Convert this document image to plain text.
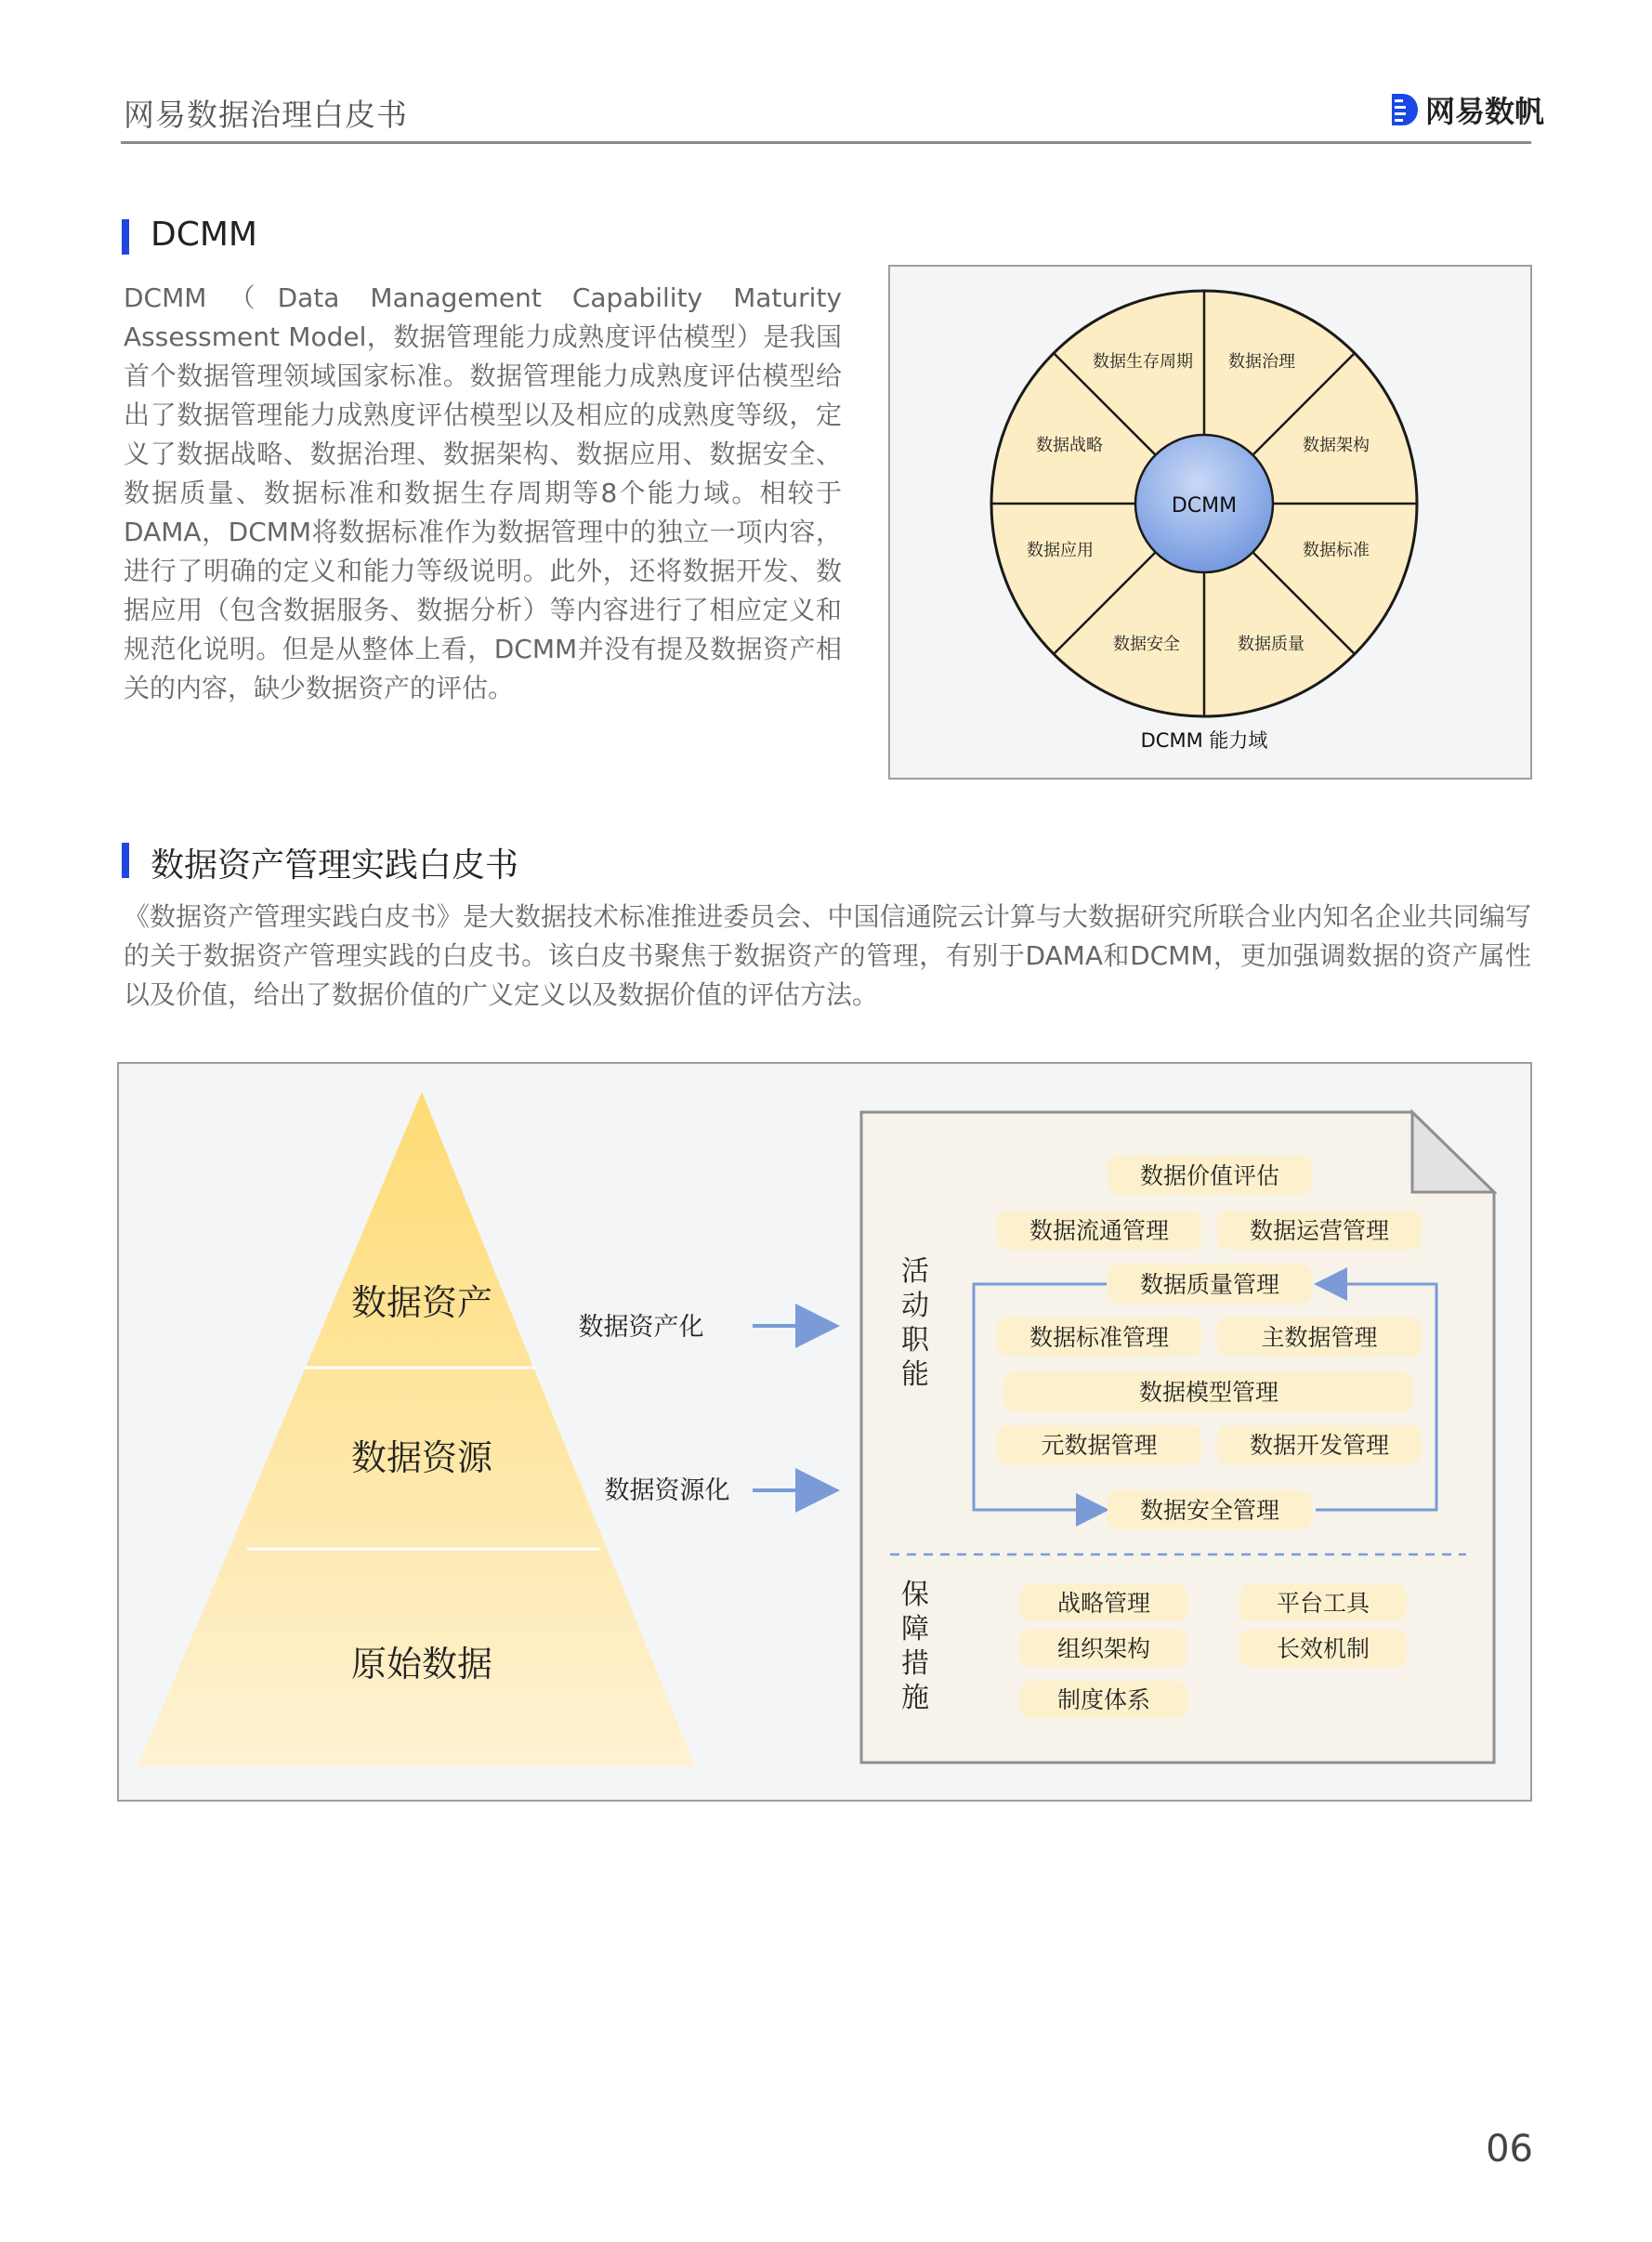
网易数据治理白皮书	网易数帆
DCMM
DCMM（Data Management Capability Maturity Assessment Model，数据管理能力成熟度评估模型）是我国首个数据管理领域国家标准。数据管理能力成熟度评估模型给出了数据管理能力成熟度评估模型以及相应的成熟度等级，定义了数据战略、数据治理、数据架构、数据应用、数据安全、数据质量、数据标准和数据生存周期等8个能力域。相较于DAMA，DCMM将数据标准作为数据管理中的独立一项内容，进行了明确的定义和能力等级说明。此外，还将数据开发、数据应用（包含数据服务、数据分析）等内容进行了相应定义和规范化说明。但是从整体上看，DCMM并没有提及数据资产相关的内容，缺少数据资产的评估。
DCMM
数据治理
数据架构
数据标准
数据质量
数据安全
数据应用
数据战略
数据生存周期
DCMM 能力域
数据资产管理实践白皮书
《数据资产管理实践白皮书》是大数据技术标准推进委员会、中国信通院云计算与大数据研究所联合业内知名企业共同编写的关于数据资产管理实践的白皮书。该白皮书聚焦于数据资产的管理，有别于DAMA和DCMM，更加强调数据的资产属性以及价值，给出了数据价值的广义定义以及数据价值的评估方法。
数据资产
数据资源
原始数据
数据资产化
数据资源化
活
动
职
能
保
障
措
施
数据价值评估
数据流通管理	数据运营管理
数据质量管理
数据标准管理	主数据管理
数据模型管理
元数据管理	数据开发管理
数据安全管理
战略管理
组织架构
制度体系
平台工具
长效机制
06
